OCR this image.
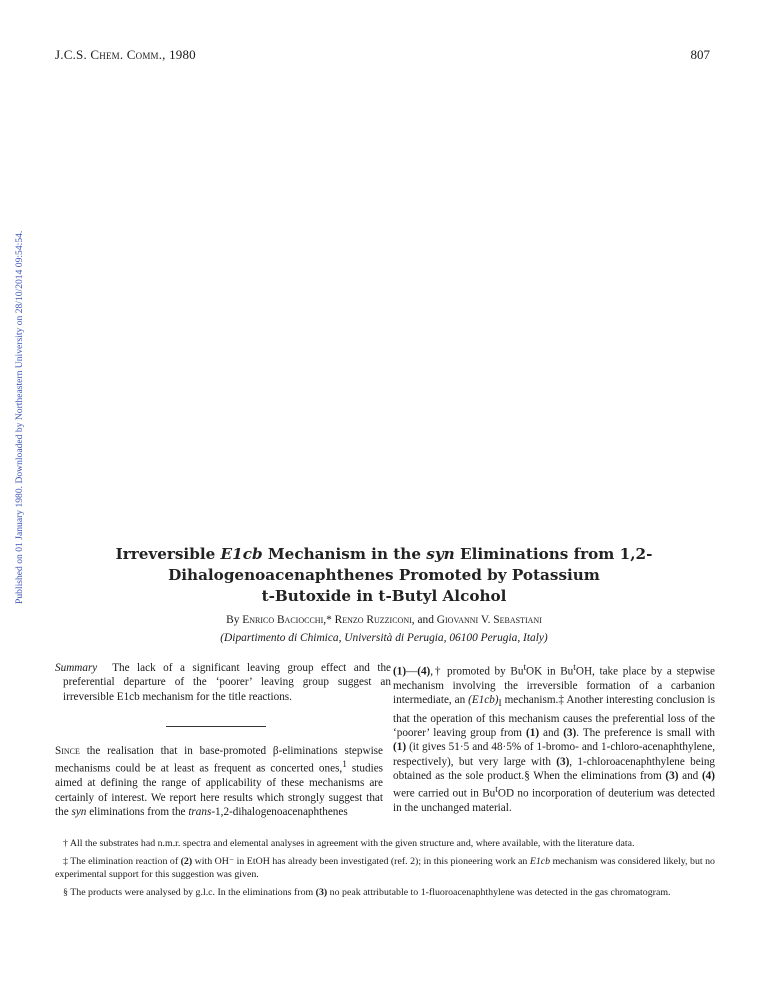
J.C.S. Chem. Comm., 1980	807
Published on 01 January 1980. Downloaded by Northeastern University on 28/10/2014 09:54:54.	Irreversible E1cb Mechanism in the syn Eliminations from 1,2-
Dihalogenoacenaphthenes Promoted by Potassium
t-Butoxide in t-Butyl Alcohol
By Enrico Baciocchi,* Renzo Ruzziconi, and Giovanni V. Sebastiani
(Dipartimento di Chimica, Università di Perugia, 06100 Perugia, Italy)
Summary The lack of a significant leaving group effect and the preferential departure of the ‘poorer’ leaving group suggest an irreversible E1cb mechanism for the title reactions.
Since the realisation that in base-promoted β-eliminations stepwise mechanisms could be at least as frequent as concerted ones,$^1$ studies aimed at defining the range of applicability of these mechanisms are certainly of interest. We report here results which strongly suggest that the syn eliminations from the trans-1,2-dihalogenoacenaphthenes
(1)—(4),† promoted by Bu$^t$OK in Bu$^t$OH, take place by a stepwise mechanism involving the irreversible formation of a carbanion intermediate, an $(E1cb)_I$ mechanism.‡ Another interesting conclusion is that the operation of this mechanism causes the preferential loss of the ‘poorer’ leaving group from (1) and (3). The preference is small with (1) (it gives 51·5 and 48·5% of 1-bromo- and 1-chloro-acenaphthylene, respectively), but very large with (3), 1-chloroacenaphthylene being obtained as the sole product.§ When the eliminations from (3) and (4) were carried out in Bu$^t$OD no incorporation of deuterium was detected in the unchanged material.

† All the substrates had n.m.r. spectra and elemental analyses in agreement with the given structure and, where available, with the literature data.

‡ The elimination reaction of (2) with OH⁻ in EtOH has already been investigated (ref. 2); in this pioneering work an E1cb mechanism was considered likely, but no experimental support for this suggestion was given.

§ The products were analysed by g.l.c. In the eliminations from (3) no peak attributable to 1-fluoroacenaphthylene was detected in the gas chromatogram.
